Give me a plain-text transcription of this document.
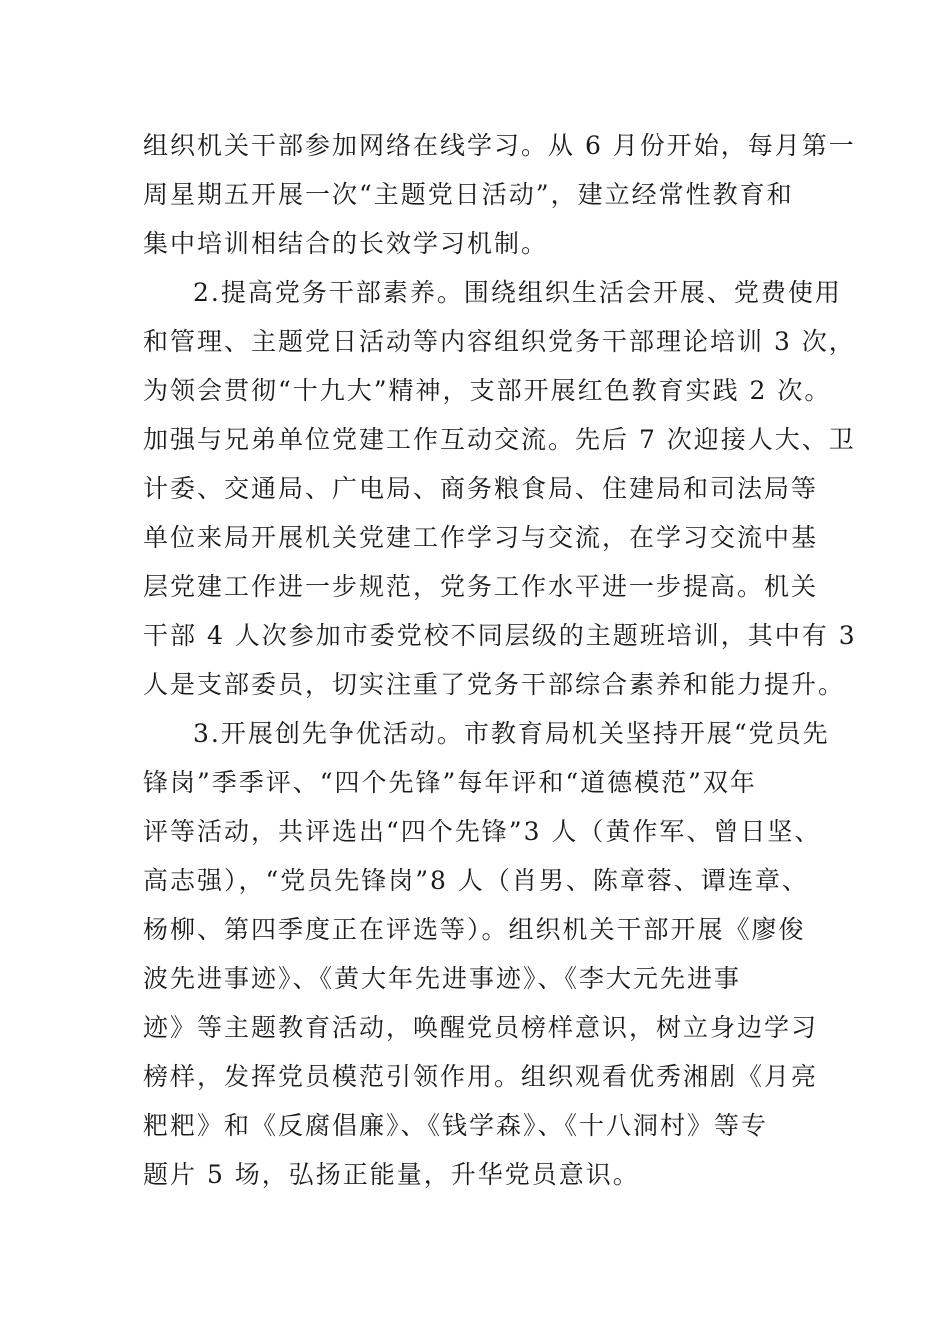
组织机关干部参加网络在线学习。从 6 月份开始，每月第一
周星期五开展一次“主题党日活动”，建立经常性教育和
集中培训相结合的长效学习机制。
2.提高党务干部素养。围绕组织生活会开展、党费使用
和管理、主题党日活动等内容组织党务干部理论培训 3 次，
为领会贯彻“十九大”精神，支部开展红色教育实践 2 次。
加强与兄弟单位党建工作互动交流。先后 7 次迎接人大、卫
计委、交通局、广电局、商务粮食局、住建局和司法局等
单位来局开展机关党建工作学习与交流，在学习交流中基
层党建工作进一步规范，党务工作水平进一步提高。机关
干部 4 人次参加市委党校不同层级的主题班培训，其中有 3
人是支部委员，切实注重了党务干部综合素养和能力提升。
3.开展创先争优活动。市教育局机关坚持开展“党员先
锋岗”季季评、“四个先锋”每年评和“道德模范”双年
评等活动，共评选出“四个先锋”3 人（黄作军、曾日坚、
高志强），“党员先锋岗”8 人（肖男、陈章蓉、谭连章、
杨柳、第四季度正在评选等）。组织机关干部开展《廖俊
波先进事迹》、《黄大年先进事迹》、《李大元先进事
迹》等主题教育活动，唤醒党员榜样意识，树立身边学习
榜样，发挥党员模范引领作用。组织观看优秀湘剧《月亮
粑粑》和《反腐倡廉》、《钱学森》、《十八洞村》等专
题片 5 场，弘扬正能量，升华党员意识。
